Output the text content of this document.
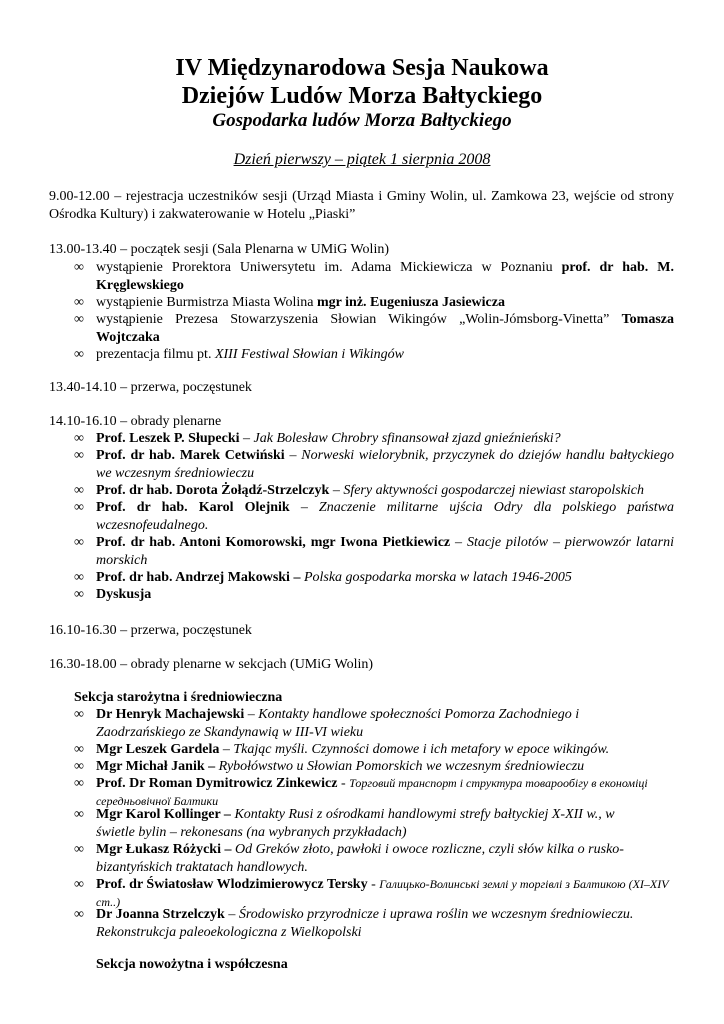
IV Międzynarodowa Sesja Naukowa
Dziejów Ludów Morza Bałtyckiego
Gospodarka ludów Morza Bałtyckiego
Dzień pierwszy – piątek 1 sierpnia 2008
9.00-12.00 – rejestracja uczestników sesji (Urząd Miasta i Gminy Wolin, ul. Zamkowa 23, wejście od strony Ośrodka Kultury) i zakwaterowanie w Hotelu „Piaski”
13.00-13.40 – początek sesji (Sala Plenarna w UMiG Wolin)
∞ wystąpienie Prorektora Uniwersytetu im. Adama Mickiewicza w Poznaniu prof. dr hab. M. Kręglewskiego
∞ wystąpienie Burmistrza Miasta Wolina mgr inż. Eugeniusza Jasiewicza
∞ wystąpienie Prezesa Stowarzyszenia Słowian Wikingów „Wolin-Jómsborg-Vinetta” Tomasza Wojtczaka
∞ prezentacja filmu pt. XIII Festiwal Słowian i Wikingów
13.40-14.10 – przerwa, poczęstunek
14.10-16.10 – obrady plenarne
∞ Prof. Leszek P. Słupecki – Jak Bolesław Chrobry sfinansował zjazd gnieźnieński?
∞ Prof. dr hab. Marek Cetwiński – Norweski wielorybnik, przyczynek do dziejów handlu bałtyckiego we wczesnym średniowieczu
∞ Prof. dr hab. Dorota Żołądź-Strzelczyk – Sfery aktywności gospodarczej niewiast staropolskich
∞ Prof. dr hab. Karol Olejnik – Znaczenie militarne ujścia Odry dla polskiego państwa wczesnofeudalnego.
∞ Prof. dr hab. Antoni Komorowski, mgr Iwona Pietkiewicz – Stacje pilotów – pierwowzór latarni morskich
∞ Prof. dr hab. Andrzej Makowski – Polska gospodarka morska w latach 1946-2005
∞ Dyskusja
16.10-16.30 – przerwa, poczęstunek
16.30-18.00 – obrady plenarne w sekcjach (UMiG Wolin)
Sekcja starożytna i średniowieczna
∞ Dr Henryk Machajewski – Kontakty handlowe społeczności Pomorza Zachodniego i Zaodrzańskiego ze Skandynawią w III-VI wieku
∞ Mgr Leszek Gardela – Tkając myśli. Czynności domowe i ich metafory w epoce wikingów.
∞ Mgr Michał Janik – Rybołówstwo u Słowian Pomorskich we wczesnym średniowieczu
∞ Prof. Dr Roman Dymitrowicz Zinkewicz - Торговий транспорт і структура товарообігу в економіці середньовічної Балтики
∞ Mgr Karol Kollinger – Kontakty Rusi z ośrodkami handlowymi strefy bałtyckiej X-XII w., w świetle bylin – rekonesans (na wybranych przykładach)
∞ Mgr Łukasz Różycki – Od Greków złoto, pawłoki i owoce rozliczne, czyli słów kilka o rusko-bizantyńskich traktatach handlowych.
∞ Prof. dr Światosław Wlodzimierowycz Tersky - Галицько-Волинські землі у торгівлі з Балтикою (XI–XIV ст..)
∞ Dr Joanna Strzelczyk – Środowisko przyrodnicze i uprawa roślin we wczesnym średniowieczu. Rekonstrukcja paleoekologiczna z Wielkopolski
Sekcja nowożytna i współczesna
